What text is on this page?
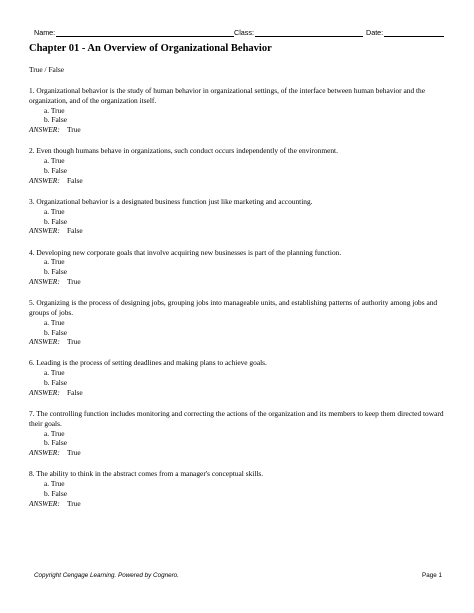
Name:	Class:	Date:
Chapter 01 - An Overview of Organizational Behavior
True / False

1. Organizational behavior is the study of human behavior in organizational settings, of the interface between human behavior and the organization, and of the organization itself.

a. True
b. False
ANSWER: True

2. Even though humans behave in organizations, such conduct occurs independently of the environment.

a. True
b. False
ANSWER: False

3. Organizational behavior is a designated business function just like marketing and accounting.

a. True
b. False
ANSWER: False

4. Developing new corporate goals that involve acquiring new businesses is part of the planning function.

a. True
b. False
ANSWER: True

5. Organizing is the process of designing jobs, grouping jobs into manageable units, and establishing patterns of authority among jobs and groups of jobs.

a. True
b. False
ANSWER: True

6. Leading is the process of setting deadlines and making plans to achieve goals.

a. True
b. False
ANSWER: False

7. The controlling function includes monitoring and correcting the actions of the organization and its members to keep them directed toward their goals.

a. True
b. False
ANSWER: True

8. The ability to think in the abstract comes from a manager's conceptual skills.

a. True
b. False
ANSWER: True
Copyright Cengage Learning. Powered by Cognero.	Page 1
